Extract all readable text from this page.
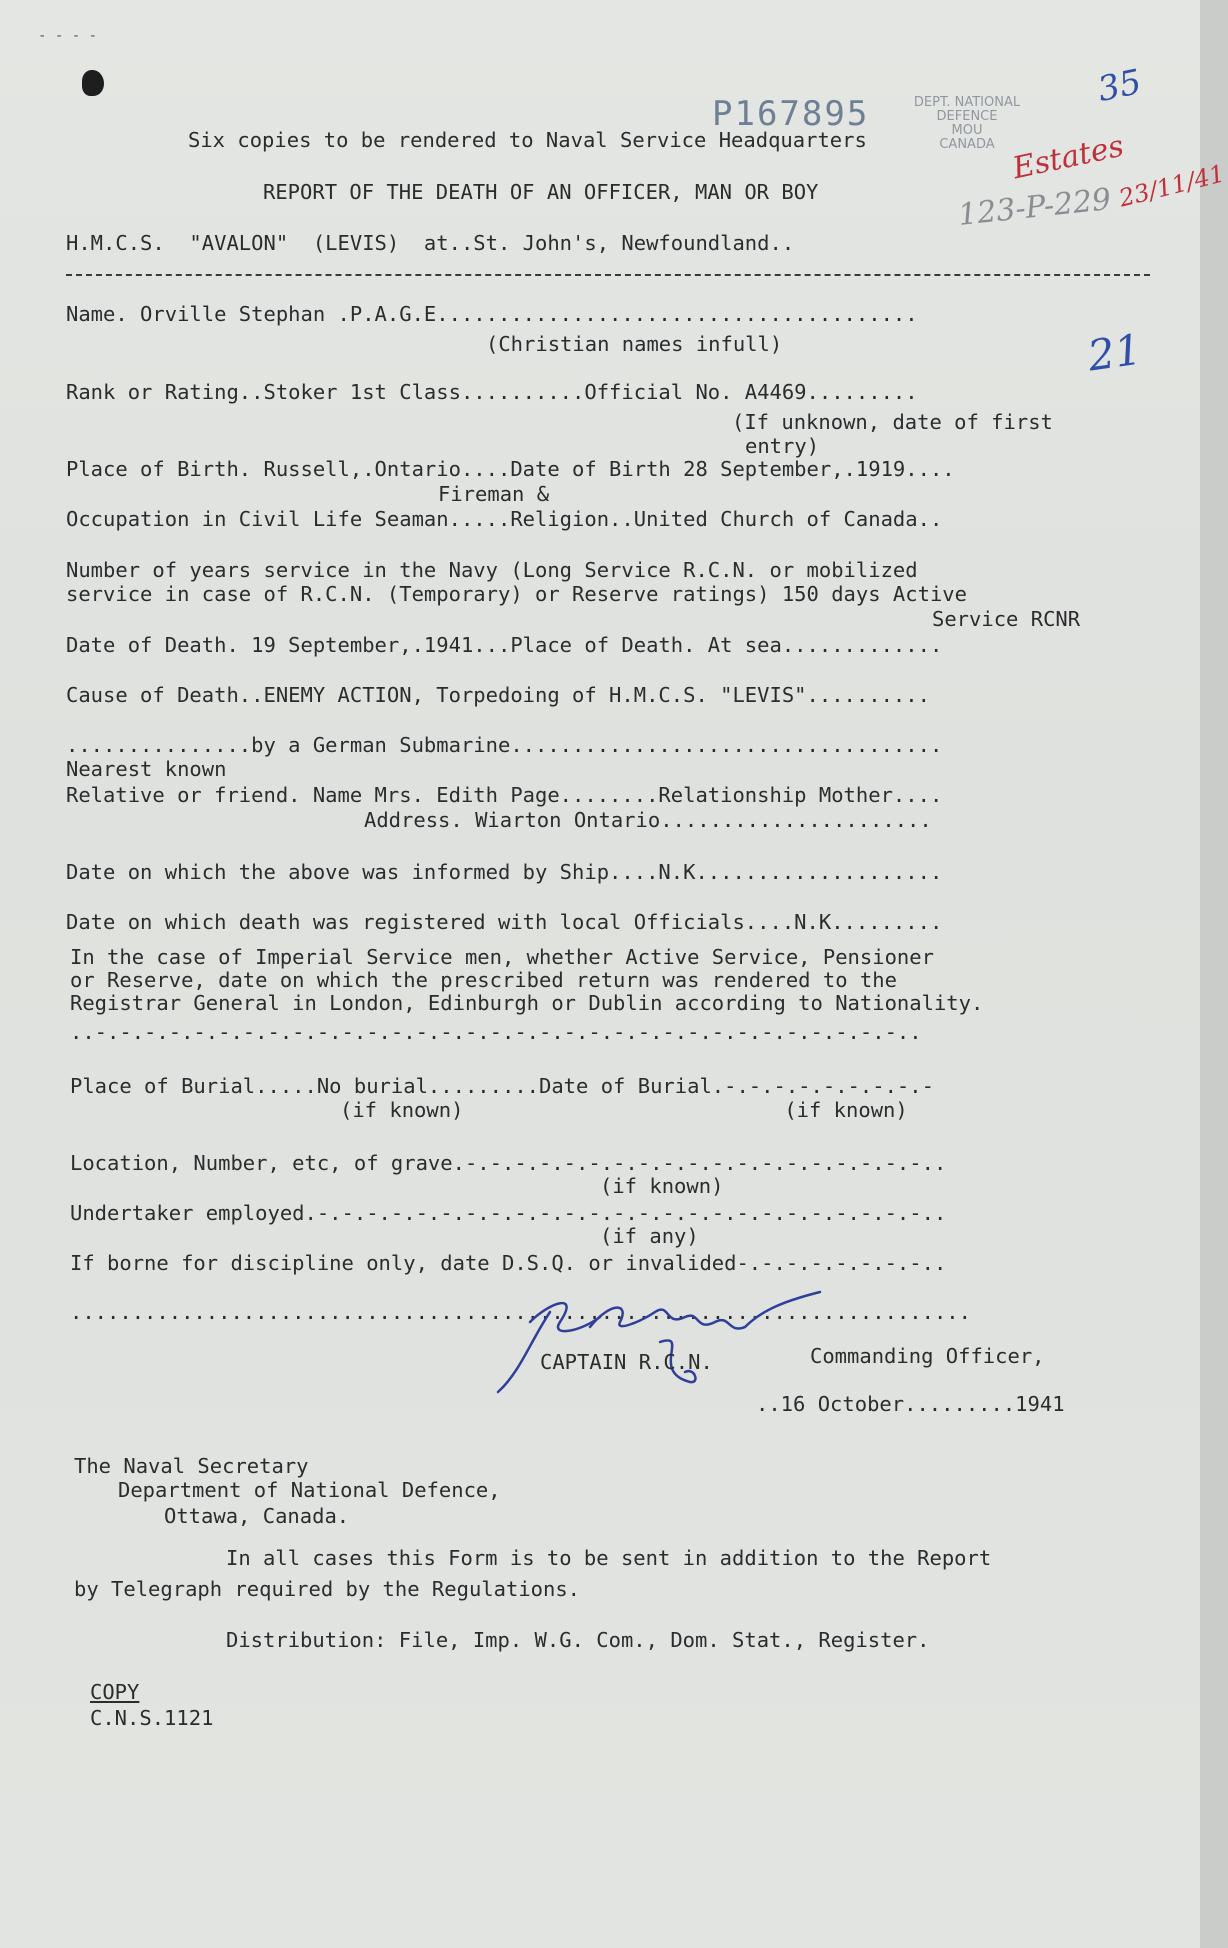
- - - -
P167895	DEPT. NATIONAL DEFENCE
MOU
CANADA
123-P-229
Estates
23/11/41
35
21
Six copies to be rendered to Naval Service Headquarters
REPORT OF THE DEATH OF AN OFFICER, MAN OR BOY
H.M.C.S.  "AVALON"  (LEVIS)  at..St. John's, Newfoundland..
Name. Orville Stephan .P.A.G.E.......................................
(Christian names infull)
Rank or Rating..Stoker 1st Class..........Official No. A4469.........
(If unknown, date of first
entry)
Place of Birth. Russell,.Ontario....Date of Birth 28 September,.1919....
Fireman &
Occupation in Civil Life Seaman.....Religion..United Church of Canada..
Number of years service in the Navy (Long Service R.C.N. or mobilized
service in case of R.C.N. (Temporary) or Reserve ratings) 150 days Active
Service RCNR
Date of Death. 19 September,.1941...Place of Death. At sea.............
Cause of Death..ENEMY ACTION, Torpedoing of H.M.C.S. "LEVIS"..........
...............by a German Submarine...................................
Nearest known
Relative or friend. Name Mrs. Edith Page........Relationship Mother....
Address. Wiarton Ontario......................
Date on which the above was informed by Ship....N.K....................
Date on which death was registered with local Officials....N.K.........
In the case of Imperial Service men, whether Active Service, Pensioner
or Reserve, date on which the prescribed return was rendered to the
Registrar General in London, Edinburgh or Dublin according to Nationality.
..-.-.-.-.-.-.-.-.-.-.-.-.-.-.-.-.-.-.-.-.-.-.-.-.-.-.-.-.-.-.-.-.-..
Place of Burial.....No burial.........Date of Burial.-.-.-.-.-.-.-.-.-
(if known)                          (if known)
Location, Number, etc, of grave.-.-.-.-.-.-.-.-.-.-.-.-.-.-.-.-.-.-.-..
(if known)
Undertaker employed.-.-.-.-.-.-.-.-.-.-.-.-.-.-.-.-.-.-.-.-.-.-.-.-.-..
(if any)
If borne for discipline only, date D.S.Q. or invalided-.-.-.-.-.-.-.-..
.........................................................................
CAPTAIN R.C.N.	Commanding Officer,
..16 October.........1941
The Naval Secretary
Department of National Defence,
Ottawa, Canada.
In all cases this Form is to be sent in addition to the Report
by Telegraph required by the Regulations.
Distribution: File, Imp. W.G. Com., Dom. Stat., Register.
COPY
C.N.S.1121
